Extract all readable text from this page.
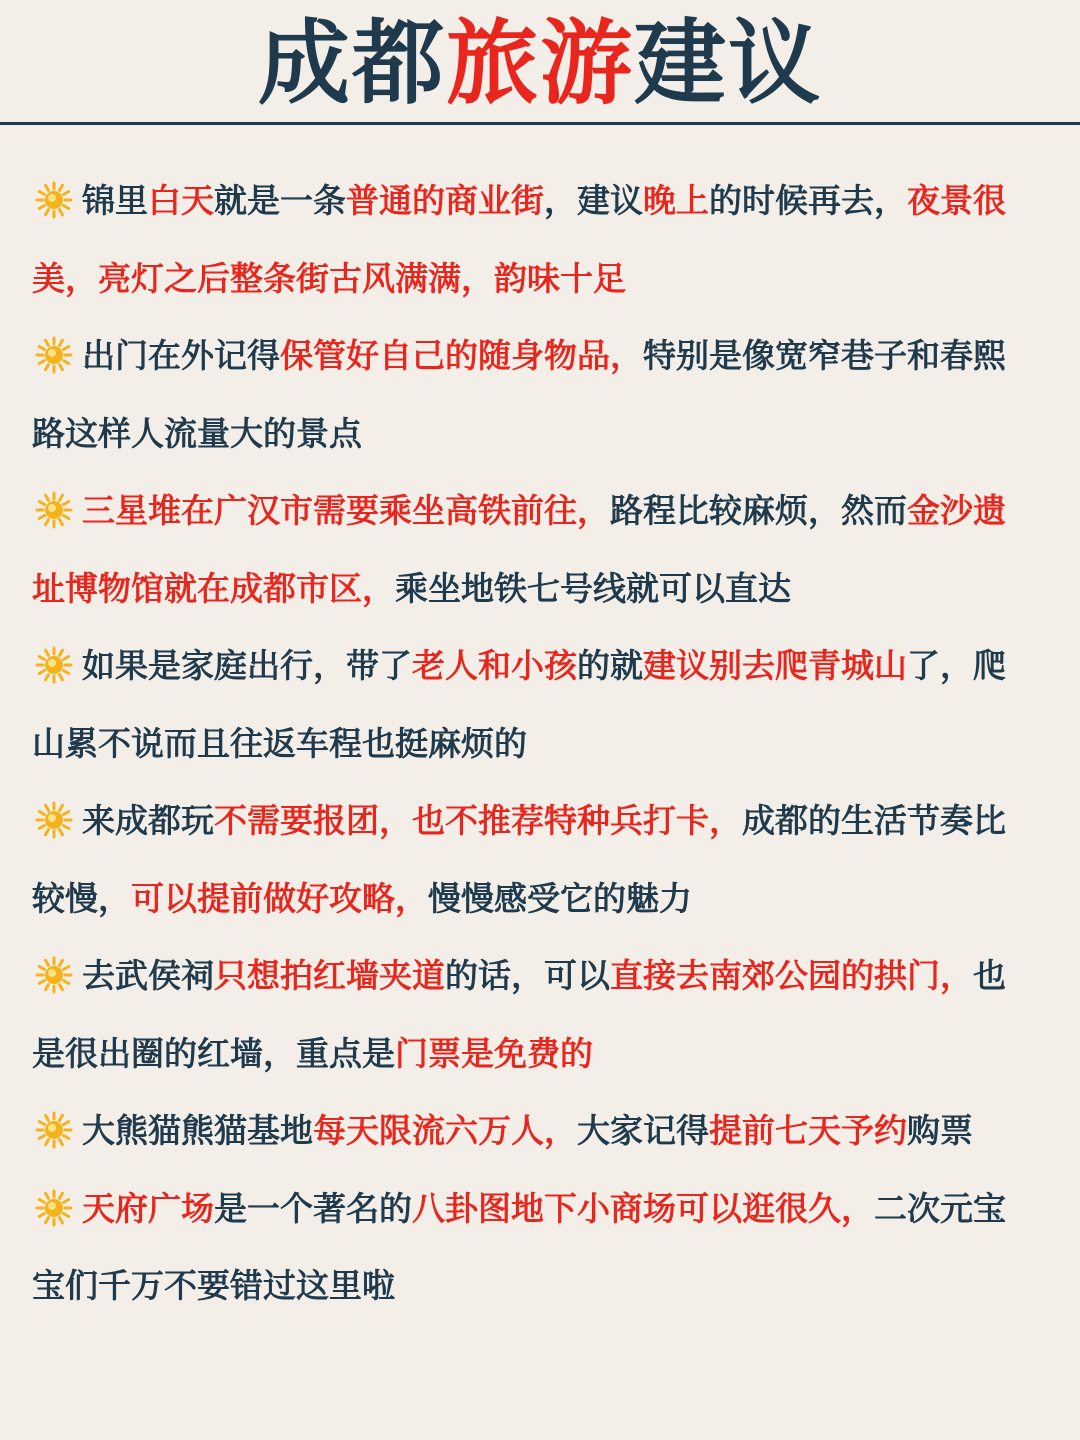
成都旅游建议

锦里白天就是一条普通的商业街，建议晚上的时候再去，夜景很美，亮灯之后整条街古风满满，韵味十足

出门在外记得保管好自己的随身物品，特别是像宽窄巷子和春熙路这样人流量大的景点

三星堆在广汉市需要乘坐高铁前往，路程比较麻烦，然而金沙遗址博物馆就在成都市区，乘坐地铁七号线就可以直达

如果是家庭出行，带了老人和小孩的就建议别去爬青城山了，爬山累不说而且往返车程也挺麻烦的

来成都玩不需要报团，也不推荐特种兵打卡，成都的生活节奏比较慢，可以提前做好攻略，慢慢感受它的魅力

去武侯祠只想拍红墙夹道的话，可以直接去南郊公园的拱门，也是很出圈的红墙，重点是门票是免费的

大熊猫熊猫基地每天限流六万人，大家记得提前七天予约购票

天府广场是一个著名的八卦图地下小商场可以逛很久，二次元宝宝们千万不要错过这里啦
